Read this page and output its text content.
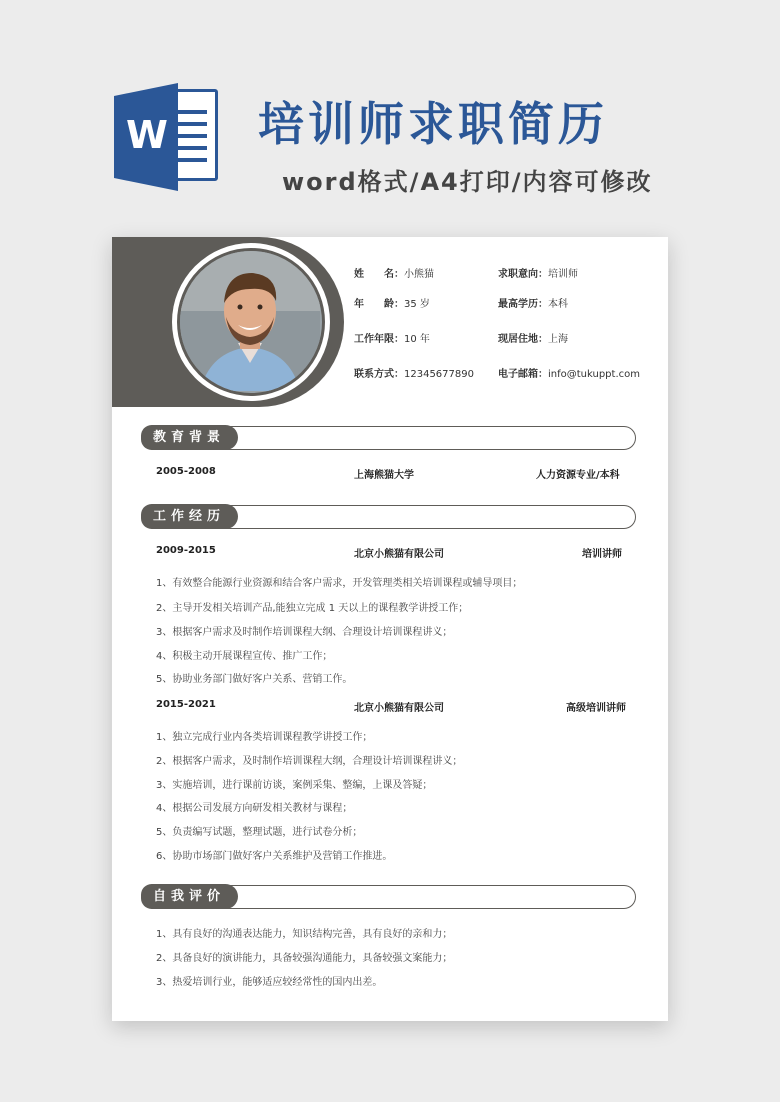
W 培训师求职简历
word格式/A4打印/内容可修改
姓　　名：小熊猫	求职意向：培训师
年　　龄：35 岁	最高学历：本科
工作年限：10 年	现居住地：上海
联系方式：12345677890 电子邮箱：info@tukuppt.com
教育背景
2005-2008	上海熊猫大学	人力资源专业/本科
工作经历
2009-2015	北京小熊猫有限公司	培训讲师
1、有效整合能源行业资源和结合客户需求，开发管理类相关培训课程或辅导项目；
2、主导开发相关培训产品,能独立完成 1 天以上的课程教学讲授工作；
3、根据客户需求及时制作培训课程大纲、合理设计培训课程讲义；
4、积极主动开展课程宣传、推广工作；
5、协助业务部门做好客户关系、营销工作。
2015-2021	北京小熊猫有限公司	高级培训讲师
1、独立完成行业内各类培训课程教学讲授工作；
2、根据客户需求，及时制作培训课程大纲，合理设计培训课程讲义；
3、实施培训，进行课前访谈，案例采集、整编，上课及答疑；
4、根据公司发展方向研发相关教材与课程；
5、负责编写试题，整理试题，进行试卷分析；
6、协助市场部门做好客户关系维护及营销工作推进。
自我评价
1、具有良好的沟通表达能力，知识结构完善，具有良好的亲和力；
2、具备良好的演讲能力，具备较强沟通能力，具备较强文案能力；
3、热爱培训行业，能够适应较经常性的国内出差。
